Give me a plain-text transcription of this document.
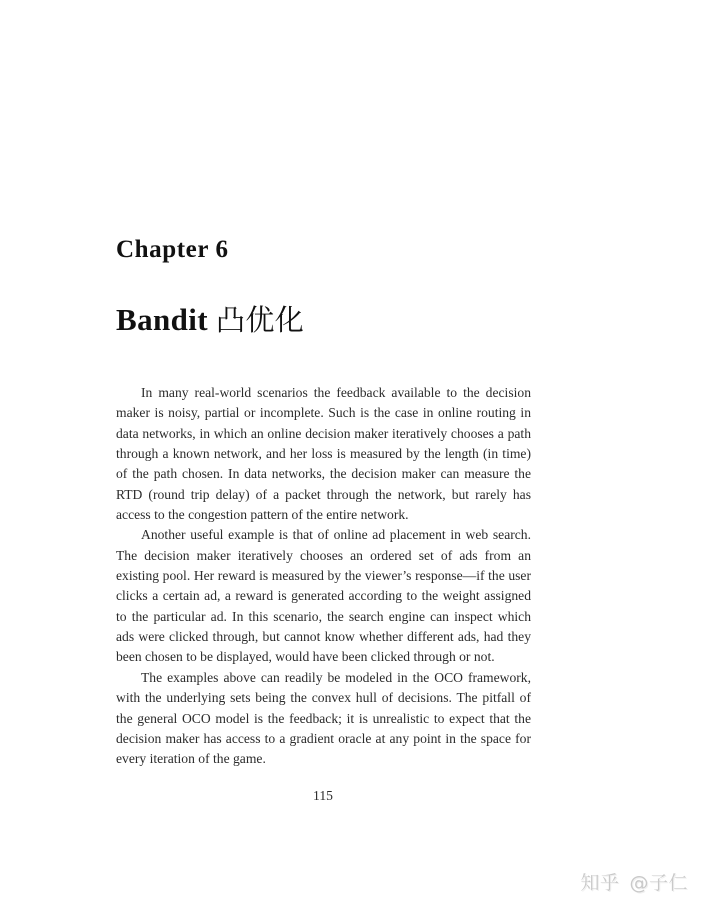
Chapter 6
Bandit 凸优化

In many real-world scenarios the feedback available to the decision maker is noisy, partial or incomplete. Such is the case in online routing in data networks, in which an online decision maker iteratively chooses a path through a known network, and her loss is measured by the length (in time) of the path chosen. In data networks, the decision maker can measure the RTD (round trip delay) of a packet through the network, but rarely has access to the congestion pattern of the entire network.

Another useful example is that of online ad placement in web search. The decision maker iteratively chooses an ordered set of ads from an existing pool. Her reward is measured by the viewer’s response—if the user clicks a certain ad, a reward is generated according to the weight assigned to the particular ad. In this scenario, the search engine can inspect which ads were clicked through, but cannot know whether different ads, had they been chosen to be displayed, would have been clicked through or not.

The examples above can readily be modeled in the OCO framework, with the underlying sets being the convex hull of decisions. The pitfall of the general OCO model is the feedback; it is unrealistic to expect that the decision maker has access to a gradient oracle at any point in the space for every iteration of the game.

115
知乎 @子仁
